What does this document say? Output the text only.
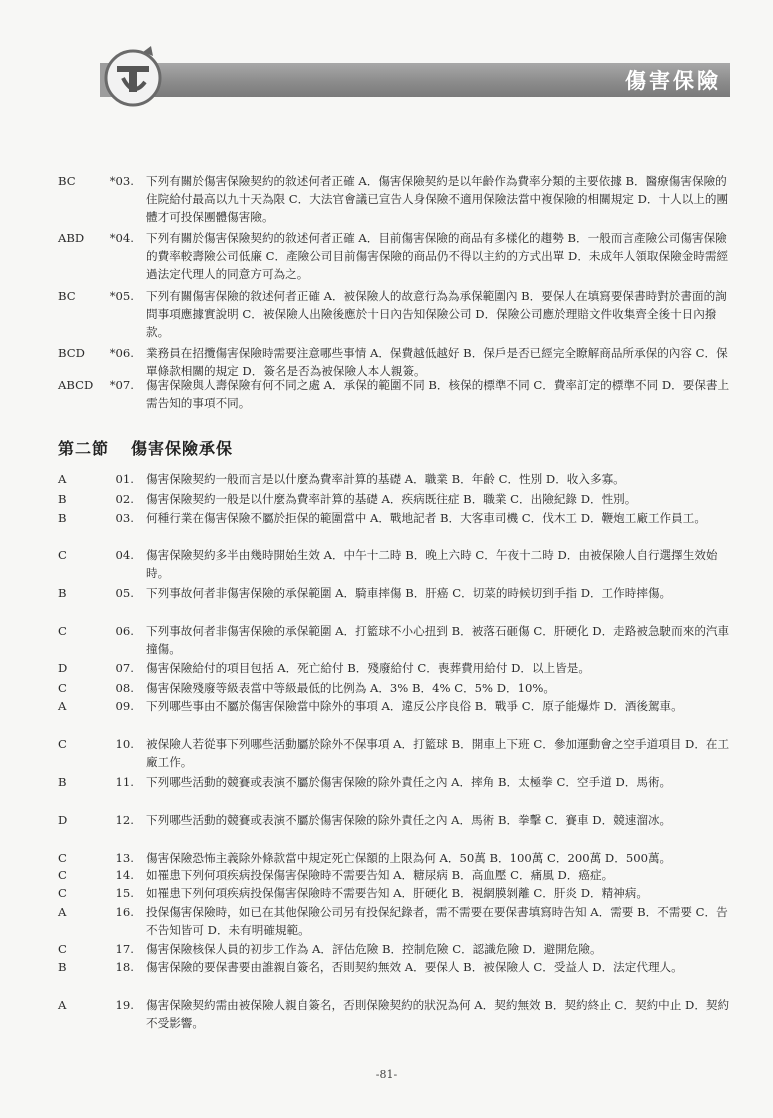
傷害保險
BC	*03. 下列有關於傷害保險契約的敘述何者正確 A．傷害保險契約是以年齡作為費率分類的主要依據 B．醫療傷害保險的住院給付最高以九十天為限 C．大法官會議已宣告人身保險不適用保險法當中複保險的相關規定 D．十人以上的團體才可投保團體傷害險。
ABD	*04. 下列有關於傷害保險契約的敘述何者正確 A．目前傷害保險的商品有多樣化的趨勢 B．一般而言產險公司傷害保險的費率較壽險公司低廉 C．產險公司目前傷害保險的商品仍不得以主約的方式出單 D．未成年人領取保險金時需經過法定代理人的同意方可為之。
BC	*05. 下列有關傷害保險的敘述何者正確 A．被保險人的故意行為為承保範圍內 B．要保人在填寫要保書時對於書面的詢問事項應據實說明 C．被保險人出險後應於十日內告知保險公司 D．保險公司應於理賠文件收集齊全後十日內撥款。
BCD	*06. 業務員在招攬傷害保險時需要注意哪些事情 A．保費越低越好 B．保戶是否已經完全瞭解商品所承保的內容 C．保單條款相關的規定 D．簽名是否為被保險人本人親簽。
ABCD	*07. 傷害保險與人壽保險有何不同之處 A．承保的範圍不同 B．核保的標準不同 C．費率訂定的標準不同 D．要保書上需告知的事項不同。
A	01. 傷害保險契約一般而言是以什麼為費率計算的基礎 A．職業 B．年齡 C．性別 D．收入多寡。
B	02. 傷害保險契約一般是以什麼為費率計算的基礎 A．疾病既往症 B．職業 C．出險紀錄 D．性別。
B	03. 何種行業在傷害保險不屬於拒保的範圍當中 A．戰地記者 B．大客車司機 C．伐木工 D．鞭炮工廠工作員工。
C	04. 傷害保險契約多半由幾時開始生效 A．中午十二時 B．晚上六時 C．午夜十二時 D．由被保險人自行選擇生效始時。
B	05. 下列事故何者非傷害保險的承保範圍 A．騎車摔傷 B．肝癌 C．切菜的時候切到手指 D．工作時摔傷。
C	06. 下列事故何者非傷害保險的承保範圍 A．打籃球不小心扭到 B．被落石砸傷 C．肝硬化 D．走路被急駛而來的汽車撞傷。
D	07. 傷害保險給付的項目包括 A．死亡給付 B．殘廢給付 C．喪葬費用給付 D．以上皆是。
C	08. 傷害保險殘廢等級表當中等級最低的比例為 A．3% B．4% C．5% D．10%。
A	09. 下列哪些事由不屬於傷害保險當中除外的事項 A．違反公序良俗 B．戰爭 C．原子能爆炸 D．酒後駕車。
C	10. 被保險人若從事下列哪些活動屬於除外不保事項 A．打籃球 B．開車上下班 C．參加運動會之空手道項目 D．在工廠工作。
B	11. 下列哪些活動的競賽或表演不屬於傷害保險的除外責任之內 A．摔角 B．太極拳 C．空手道 D．馬術。
D	12. 下列哪些活動的競賽或表演不屬於傷害保險的除外責任之內 A．馬術 B．拳擊 C．賽車 D．競速溜冰。
C	13. 傷害保險恐怖主義除外條款當中規定死亡保額的上限為何 A．50萬 B．100萬 C．200萬 D．500萬。
C	14. 如罹患下列何項疾病投保傷害保險時不需要告知 A．糖尿病 B．高血壓 C．痛風 D．癌症。
C	15. 如罹患下列何項疾病投保傷害保險時不需要告知 A．肝硬化 B．視網膜剝離 C．肝炎 D．精神病。
A	16. 投保傷害保險時，如已在其他保險公司另有投保紀錄者，需不需要在要保書填寫時告知 A．需要 B．不需要 C．告不告知皆可 D．未有明確規範。
C	17. 傷害保險核保人員的初步工作為 A．評估危險 B．控制危險 C．認識危險 D．避開危險。
B	18. 傷害保險的要保書要由誰親自簽名，否則契約無效 A．要保人 B．被保險人 C．受益人 D．法定代理人。
A	19. 傷害保險契約需由被保險人親自簽名，否則保險契約的狀況為何 A．契約無效 B．契約終止 C．契約中止 D．契約不受影響。
第二節 傷害保險承保
-81-
